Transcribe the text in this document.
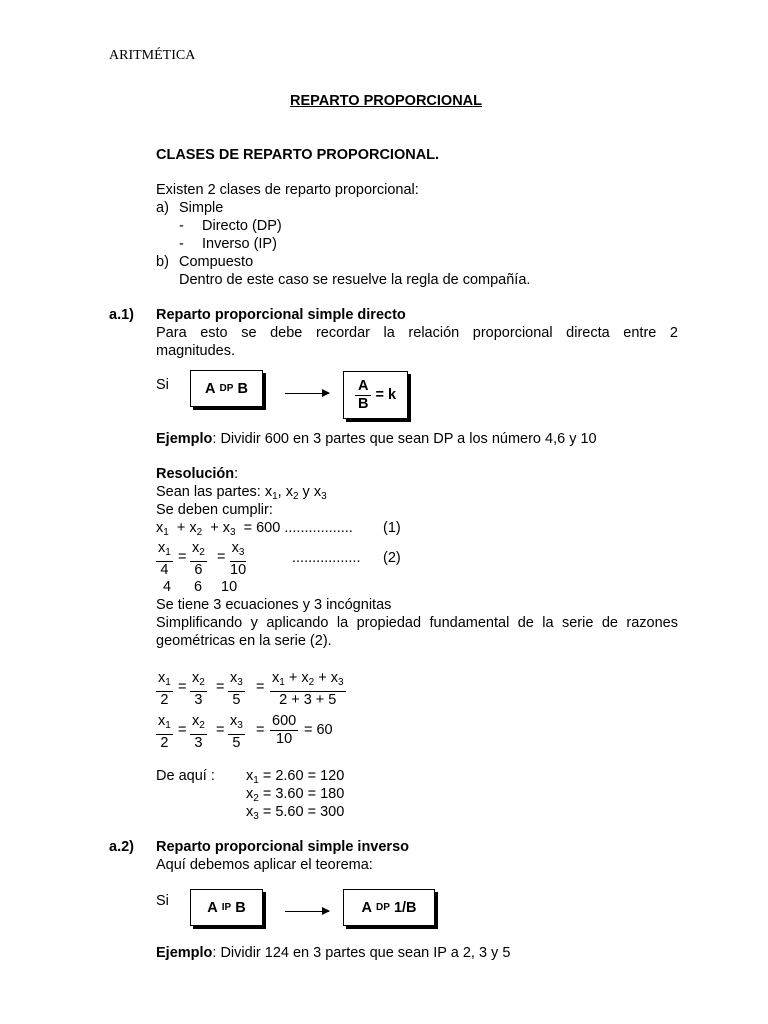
ARITMÉTICA
REPARTO PROPORCIONAL
CLASES DE REPARTO PROPORCIONAL.
Existen 2 clases de reparto proporcional:
a) Simple
- Directo (DP)
- Inverso (IP)
b) Compuesto
Dentro de este caso se resuelve la regla de compañía.
a.1) Reparto proporcional simple directo
Para esto se debe recordar la relación proporcional directa entre 2
magnitudes.
Si A
DP
B	$\frac{A}{B}$
= k
Ejemplo: Dividir 600 en 3 partes que sean DP a los número 4,6 y 10
Resolución:
Sean las partes: $x_1$, $x_2$ y $x_3$
Se deben cumplir:
$x_1 + x_2 + x_3 = 600$ ................. (1)
$\frac{x_1}{4} = \frac{x_2}{6} = \frac{x_3}{10}$	................. (2)
4 6 10
Se tiene 3 ecuaciones y 3 incógnitas
Simplificando y aplicando la propiedad fundamental de la serie de razones
geométricas en la serie (2).
$\frac{x_1}{2} = \frac{x_2}{3} = \frac{x_3}{5} = \frac{x_1 + x_2 + x_3}{2 + 3 + 5}$
$\frac{x_1}{2} = \frac{x_2}{3} = \frac{x_3}{5} = \frac{600}{10} = 60$
De aquí : $x_1 = 2.60 = 120$
$x_2 = 3.60 = 180$
$x_3 = 5.60 = 300$
a.2) Reparto proporcional simple inverso
Aquí debemos aplicar el teorema:
Si	A
IP
B	A
DP
1/B
Ejemplo: Dividir 124 en 3 partes que sean IP a 2, 3 y 5
